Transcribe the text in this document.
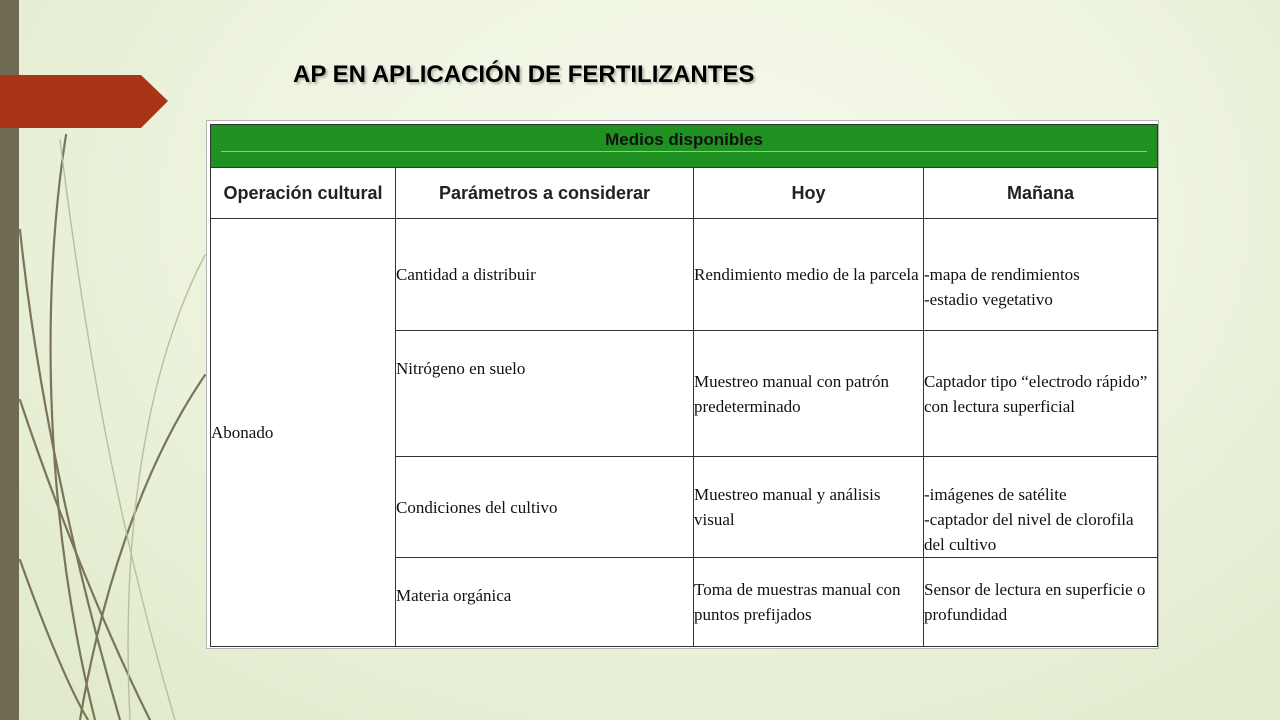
AP EN APLICACIÓN DE FERTILIZANTES
Medios disponibles			

Operación cultural	Parámetros a considerar	Hoy	Mañana
Abonado	Cantidad a distribuir	Rendimiento medio de la parcela	-mapa de rendimientos
-estadio vegetativo

	Nitrógeno en suelo	Muestreo manual con patrón predeterminado	Captador tipo “electrodo rápido” con lectura superficial
	Condiciones del cultivo	Muestreo manual y análisis visual	-imágenes de satélite
-captador del nivel de clorofila del cultivo

	Materia orgánica	Toma de muestras manual con puntos prefijados	Sensor de lectura en superficie o profundidad
